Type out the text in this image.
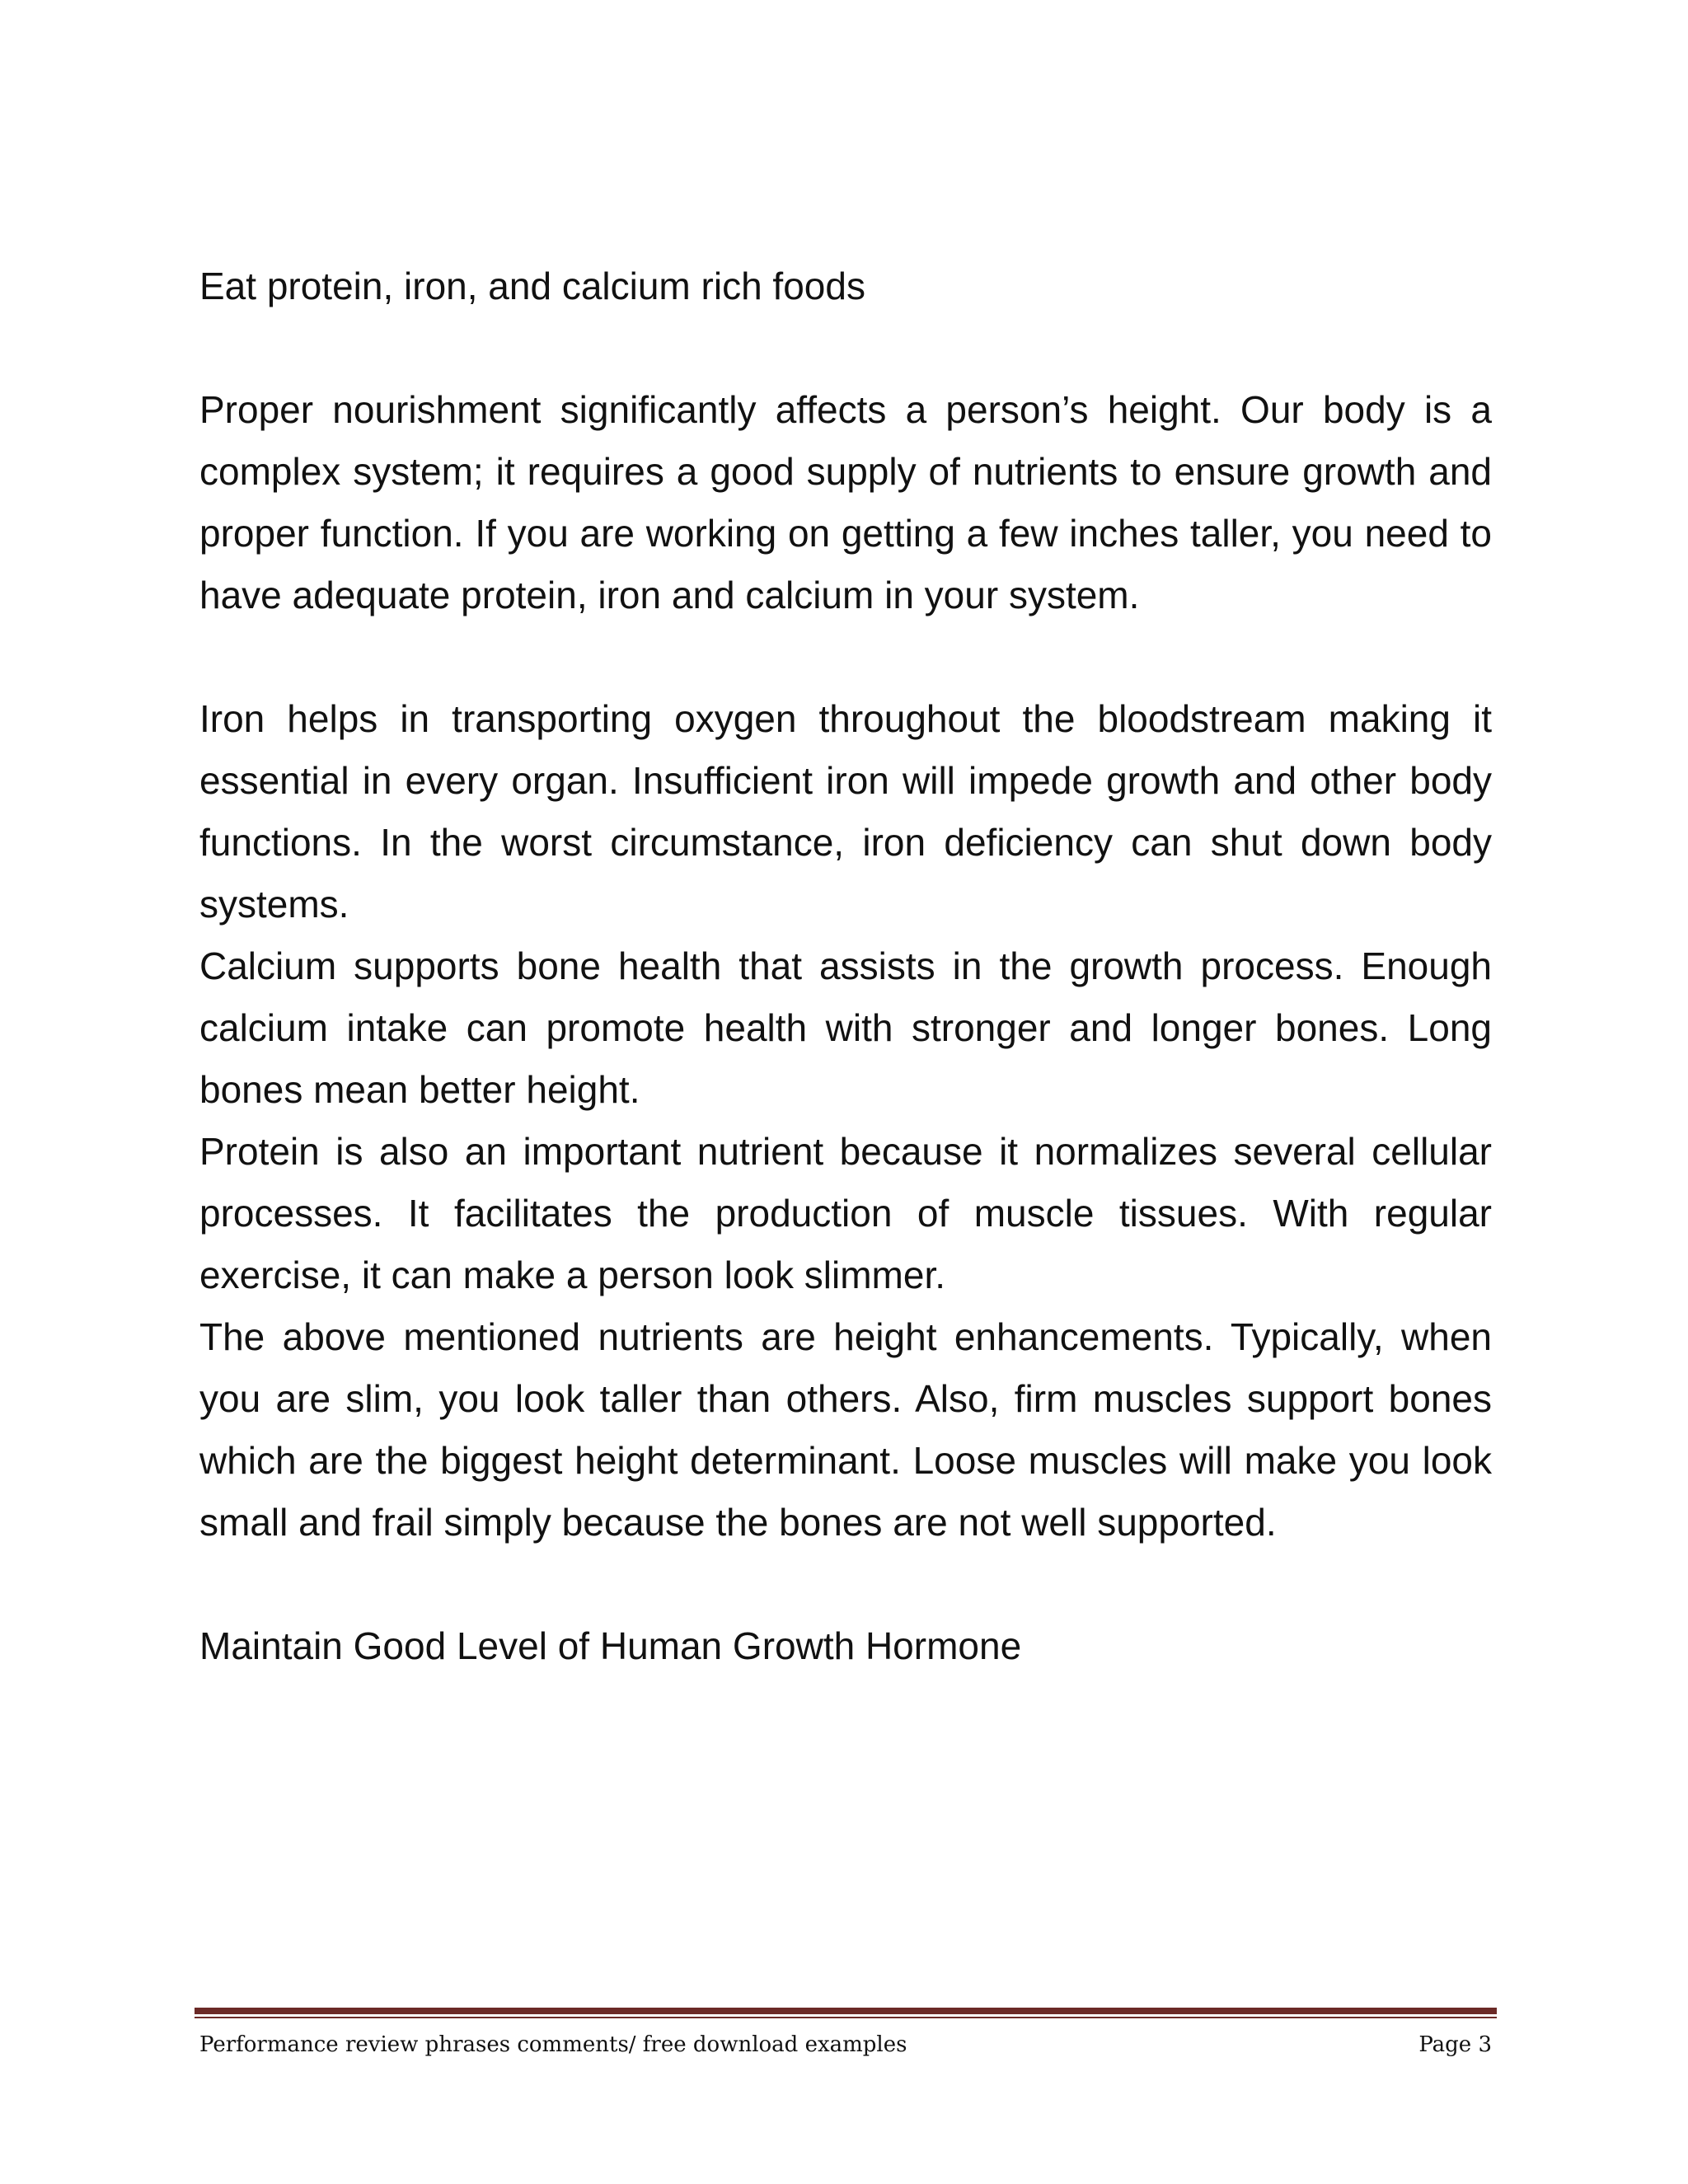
Eat protein, iron, and calcium rich foods

Proper nourishment significantly affects a person’s height. Our body is a complex system; it requires a good supply of nutrients to ensure growth and proper function. If you are working on getting a few inches taller, you need to have adequate protein, iron and calcium in your system.

Iron helps in transporting oxygen throughout the bloodstream making it essential in every organ. Insufficient iron will impede growth and other body functions. In the worst circumstance, iron deficiency can shut down body systems.

Calcium supports bone health that assists in the growth process. Enough calcium intake can promote health with stronger and longer bones. Long bones mean better height.

Protein is also an important nutrient because it normalizes several cellular processes. It facilitates the production of muscle tissues. With regular exercise, it can make a person look slimmer.

The above mentioned nutrients are height enhancements. Typically, when you are slim, you look taller than others. Also, firm muscles support bones which are the biggest height determinant. Loose muscles will make you look small and frail simply because the bones are not well supported.

Maintain Good Level of Human Growth Hormone
Performance review phrases comments/ free download examples	Page 3
